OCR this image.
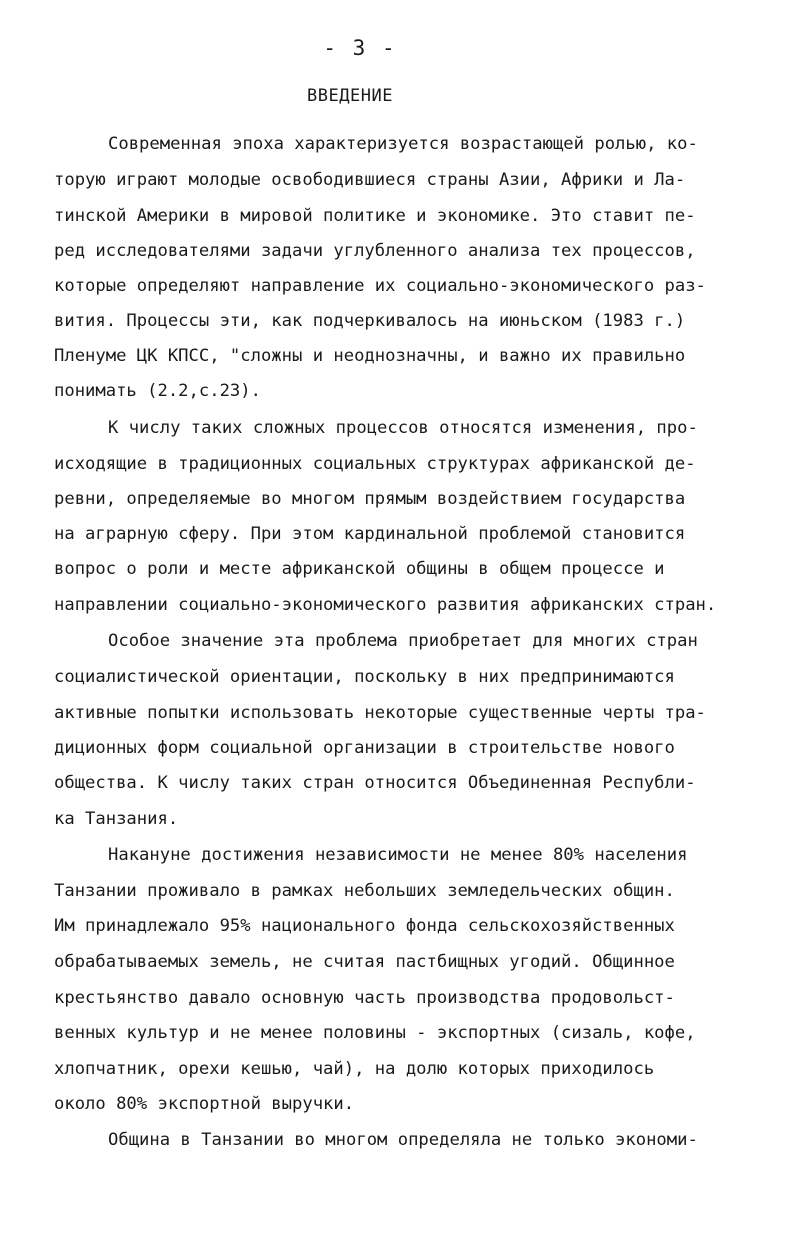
- 3 -
ВВЕДЕНИЕ
Современная эпоха характеризуется возрастающей ролью, ко-
торую играют молодые освободившиеся страны Азии, Африки и Ла-
тинской Америки в мировой политике и экономике. Это ставит пе-
ред исследователями задачи углубленного анализа тех процессов,
которые определяют направление их социально-экономического раз-
вития. Процессы эти, как подчеркивалось на июньском (1983 г.)
Пленуме ЦК КПСС, "сложны и неоднозначны, и важно их правильно
понимать (2.2,с.23).
К числу таких сложных процессов относятся изменения, про-
исходящие в традиционных социальных структурах африканской де-
ревни, определяемые во многом прямым воздействием государства
на аграрную сферу. При этом кардинальной проблемой становится
вопрос о роли и месте африканской общины в общем процессе и
направлении социально-экономического развития африканских стран.
Особое значение эта проблема приобретает для многих стран
социалистической ориентации, поскольку в них предпринимаются
активные попытки использовать некоторые существенные черты тра-
диционных форм социальной организации в строительстве нового
общества. К числу таких стран относится Объединенная Республи-
ка Танзания.
Накануне достижения независимости не менее 80% населения
Танзании проживало в рамках небольших земледельческих общин.
Им принадлежало 95% национального фонда сельскохозяйственных
обрабатываемых земель, не считая пастбищных угодий. Общинное
крестьянство давало основную часть производства продовольст-
венных культур и не менее половины - экспортных (сизаль, кофе,
хлопчатник, орехи кешью, чай), на долю которых приходилось
около 80% экспортной выручки.
Община в Танзании во многом определяла не только экономи-
